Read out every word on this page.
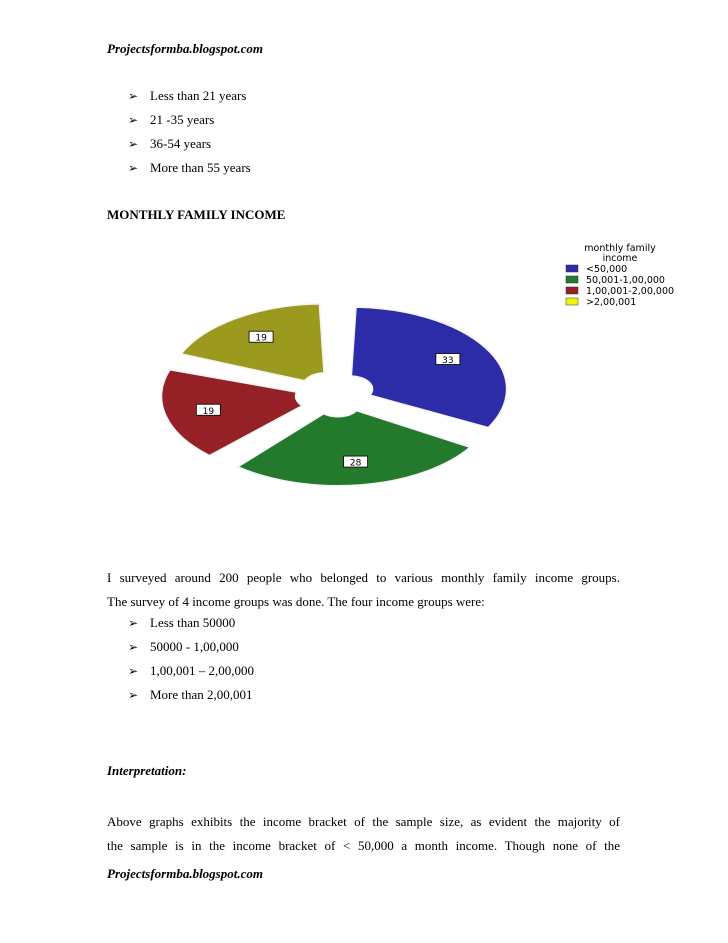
Projectsformba.blogspot.com
➢ Less than 21 years
➢ 21 -35 years
➢ 36-54 years
➢ More than 55 years
MONTHLY FAMILY INCOME
33
28
19
19
monthly family
income
<50,000
50,001-1,00,000
1,00,001-2,00,000
>2,00,001
I surveyed around 200 people who belonged to various monthly family income groups.
The survey of 4 income groups was done. The four income groups were:
➢ Less than 50000
➢ 50000 - 1,00,000
➢ 1,00,001 – 2,00,000
➢ More than 2,00,001
Interpretation:
Above graphs exhibits the income bracket of the sample size, as evident the majority of
the sample is in the income bracket of < 50,000 a month income. Though none of the
Projectsformba.blogspot.com
